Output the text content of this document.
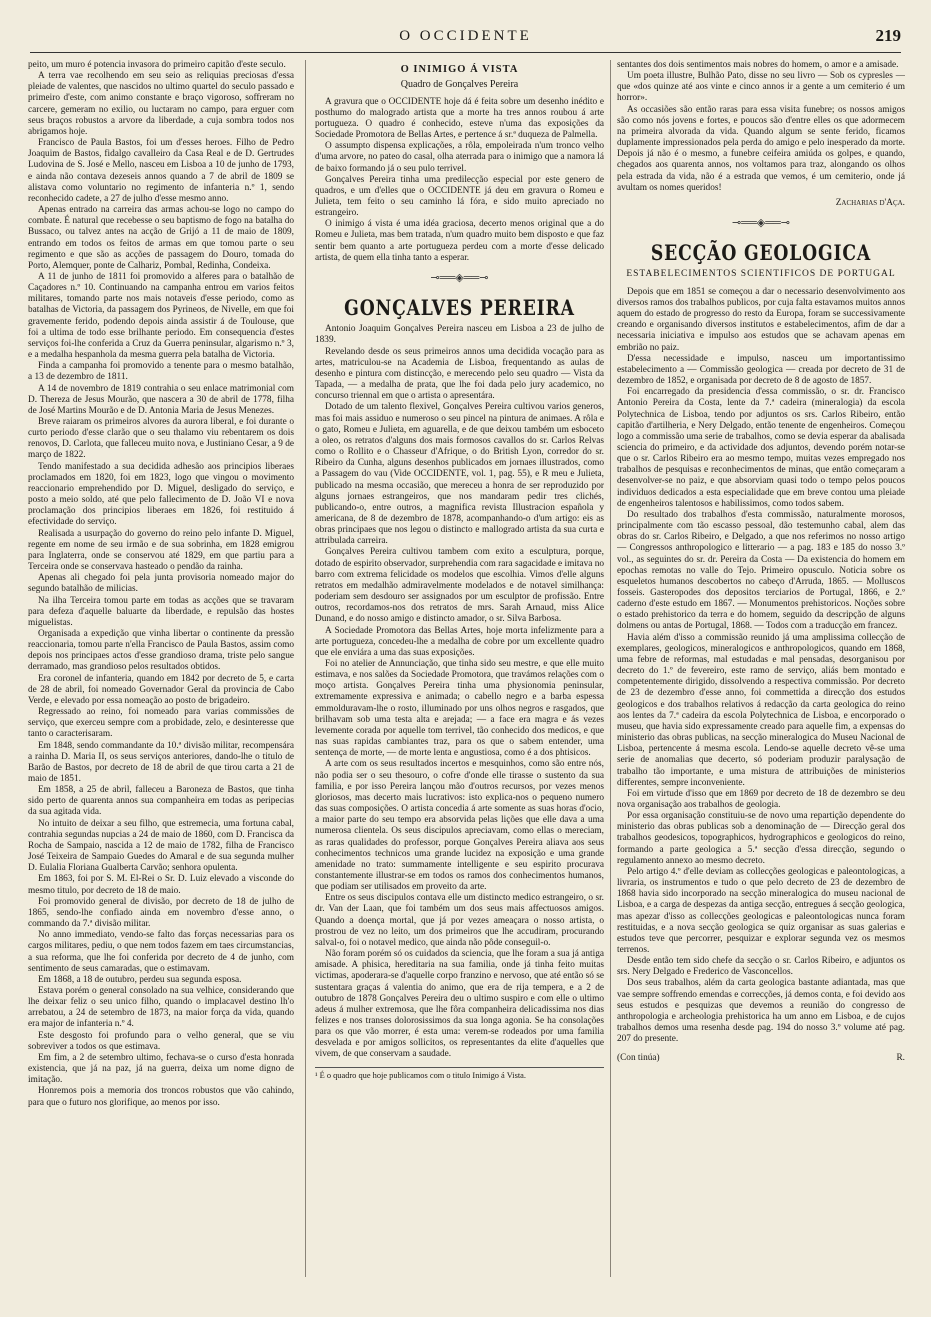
O OCCIDENTE	219

peito, um muro é potencia invasora do primeiro capitão d'este seculo.

A terra vae recolhendo em seu seio as reliquias preciosas d'essa pleiade de valentes, que nascidos no ultimo quartel do seculo passado e primeiro d'este, com animo constante e braço vigoroso, soffreram no carcere, gemeram no exilio, ou luctaram no campo, para erguer com seus braços robustos a arvore da liberdade, a cuja sombra todos nos abrigamos hoje.

Francisco de Paula Bastos, foi um d'esses heroes. Filho de Pedro Joaquim de Bastos, fidalgo cavalleiro da Casa Real e de D. Gertrudes Ludovina de S. José e Mello, nasceu em Lisboa a 10 de junho de 1793, e ainda não contava dezeseis annos quando a 7 de abril de 1809 se alistava como voluntario no regimento de infanteria n.º 1, sendo reconhecido cadete, a 27 de julho d'esse mesmo anno.

Apenas entrado na carreira das armas achou-se logo no campo do combate. É natural que recebesse o seu baptismo de fogo na batalha do Bussaco, ou talvez antes na acção de Grijó a 11 de maio de 1809, entrando em todos os feitos de armas em que tomou parte o seu regimento e que são as acções de passagem do Douro, tomada do Porto, Alemquer, ponte de Calhariz, Pombal, Redinha, Condeixa.

A 11 de junho de 1811 foi promovido a alferes para o batalhão de Caçadores n.º 10. Continuando na campanha entrou em varios feitos militares, tomando parte nos mais notaveis d'esse periodo, como as batalhas de Victoria, da passagem dos Pyrineos, de Nivelle, em que foi gravemente ferido, podendo depois ainda assistir á de Toulouse, que foi a ultima de todo esse brilhante periodo. Em consequencia d'estes serviços foi-lhe conferida a Cruz da Guerra peninsular, algarismo n.º 3, e a medalha hespanhola da mesma guerra pela batalha de Victoria.

Finda a campanha foi promovido a tenente para o mesmo batalhão, a 13 de dezembro de 1811.

A 14 de novembro de 1819 contrahia o seu enlace matrimonial com D. Thereza de Jesus Mourão, que nascera a 30 de abril de 1778, filha de José Martins Mourão e de D. Antonia Maria de Jesus Menezes.

Breve raiaram os primeiros alvores da aurora liberal, e foi durante o curto periodo d'esse clarão que o seu thalamo viu rebentarem os dois renovos, D. Carlota, que falleceu muito nova, e Justiniano Cesar, a 9 de março de 1822.

Tendo manifestado a sua decidida adhesão aos principios liberaes proclamados em 1820, foi em 1823, logo que vingou o movimento reaccionario emprehendido por D. Miguel, desligado do serviço, e posto a meio soldo, até que pelo fallecimento de D. João VI e nova proclamação dos principios liberaes em 1826, foi restituido á efectividade do serviço.

Realisada a usurpação do governo do reino pelo infante D. Miguel, regente em nome de seu irmão e de sua sobrinha, em 1828 emigrou para Inglaterra, onde se conservou até 1829, em que partiu para a Terceira onde se conservava hasteado o pendão da rainha.

Apenas ali chegado foi pela junta provisoria nomeado major do segundo batalhão de milicias.

Na ilha Terceira tomou parte em todas as acções que se travaram para defeza d'aquelle baluarte da liberdade, e repulsão das hostes miguelistas.

Organisada a expedição que vinha libertar o continente da pressão reaccionaria, tomou parte n'ella Francisco de Paula Bastos, assim como depois nos principaes actos d'esse grandioso drama, triste pelo sangue derramado, mas grandioso pelos resultados obtidos.

Era coronel de infanteria, quando em 1842 por decreto de 5, e carta de 28 de abril, foi nomeado Governador Geral da provincia de Cabo Verde, e elevado por essa nomeação ao posto de brigadeiro.

Regressado ao reino, foi nomeado para varias commissões de serviço, que exerceu sempre com a probidade, zelo, e desinteresse que tanto o caracterisaram.

Em 1848, sendo commandante da 10.ª divisão militar, recompensára a rainha D. Maria II, os seus serviços anteriores, dando-lhe o titulo de Barão de Bastos, por decreto de 18 de abril de que tirou carta a 21 de maio de 1851.

Em 1858, a 25 de abril, falleceu a Baroneza de Bastos, que tinha sido perto de quarenta annos sua companheira em todas as peripecias da sua agitada vida.

No intuito de deixar a seu filho, que estremecia, uma fortuna cabal, contrahia segundas nupcias a 24 de maio de 1860, com D. Francisca da Rocha de Sampaio, nascida a 12 de maio de 1782, filha de Francisco José Teixeira de Sampaio Guedes do Amaral e de sua segunda mulher D. Eulalia Floriana Gualberta Carvão; senhora opulenta.

Em 1863, foi por S. M. El-Rei o Sr. D. Luiz elevado a visconde do mesmo titulo, por decreto de 18 de maio.

Foi promovido general de divisão, por decreto de 18 de julho de 1865, sendo-lhe confiado ainda em novembro d'esse anno, o commando da 7.ª divisão militar.

No anno immediato, vendo-se falto das forças necessarias para os cargos militares, pediu, o que nem todos fazem em taes circumstancias, a sua reforma, que lhe foi conferida por decreto de 4 de junho, com sentimento de seus camaradas, que o estimavam.

Em 1868, a 18 de outubro, perdeu sua segunda esposa.

Estava porém o general consolado na sua velhice, considerando que lhe deixar feliz o seu unico filho, quando o implacavel destino lh'o arrebatou, a 24 de setembro de 1873, na maior força da vida, quando era major de infanteria n.º 4.

Este desgosto foi profundo para o velho general, que se viu sobreviver a todos os que estimava.

Em fim, a 2 de setembro ultimo, fechava-se o curso d'esta honrada existencia, que já na paz, já na guerra, deixa um nome digno de imitação.

Honremos pois a memoria dos troncos robustos que vão cahindo, para que o futuro nos glorifique, ao menos por isso.

O INIMIGO Á VISTA

Quadro de Gonçalves Pereira

A gravura que o OCCIDENTE hoje dá é feita sobre um desenho inédito e posthumo do malogrado artista que a morte ha tres annos roubou á arte portugueza. O quadro é conhecido, esteve n'uma das exposições da Sociedade Promotora de Bellas Artes, e pertence á sr.ª duqueza de Palmella.

O assumpto dispensa explicações, a rôla, empoleirada n'um tronco velho d'uma arvore, no pateo do casal, olha aterrada para o inimigo que a namora lá de baixo formando já o seu pulo terrivel.

Gonçalves Pereira tinha uma predilecção especial por este genero de quadros, e um d'elles que o OCCIDENTE já deu em gravura o Romeu e Julieta, tem feito o seu caminho lá fóra, e sido muito apreciado no estrangeiro.

O inimigo á vista é uma idéa graciosa, decerto menos original que a do Romeu e Julieta, mas bem tratada, n'um quadro muito bem disposto e que faz sentir bem quanto a arte portugueza perdeu com a morte d'esse delicado artista, de quem ella tinha tanto a esperar.

⊸══◈══⊸

GONÇALVES PEREIRA

Antonio Joaquim Gonçalves Pereira nasceu em Lisboa a 23 de julho de 1839.

Revelando desde os seus primeiros annos uma decidida vocação para as artes, matriculou-se na Academia de Lisboa, frequentando as aulas de desenho e pintura com distincção, e merecendo pelo seu quadro — Vista da Tapada, — a medalha de prata, que lhe foi dada pelo jury academico, no concurso triennal em que o artista o apresentára.

Dotado de um talento flexivel, Gonçalves Pereira cultivou varios generos, mas foi mais assiduo e numeroso o seu pincel na pintura de animaes. A rôla e o gato, Romeu e Julieta, em aguarella, e de que deixou também um esboceto a oleo, os retratos d'alguns dos mais formosos cavallos do sr. Carlos Relvas como o Rollito e o Chasseur d'Afrique, o do British Lyon, corredor do sr. Ribeiro da Cunha, alguns desenhos publicados em jornaes illustrados, como a Passagem do vau (Vide OCCIDENTE, vol. 1, pag. 55), e R meu e Julieta, publicado na mesma occasião, que mereceu a honra de ser reproduzido por alguns jornaes estrangeiros, que nos mandaram pedir tres clichés, publicando-o, entre outros, a magnifica revista Illustracion española y americana, de 8 de dezembro de 1878, acompanhando-o d'um artigo: eis as obras principaes que nos legou o distincto e mallogrado artista da sua curta e attribulada carreira.

Gonçalves Pereira cultivou tambem com exito a esculptura, porque, dotado de espirito observador, surprehendia com rara sagacidade e imitava no barro com extrema felicidade os modelos que escolhia. Vimos d'elle alguns retratos em medalhão admiravelmente modelados e de notavel similhança: poderiam sem desdouro ser assignados por um esculptor de profissão. Entre outros, recordamos-nos dos retratos de mrs. Sarah Arnaud, miss Alice Dunand, e do nosso amigo e distincto amador, o sr. Silva Barbosa.

A Sociedade Promotora das Bellas Artes, hoje morta infelizmente para a arte portugueza, concedeu-lhe a medalha de cobre por um excellente quadro que ele enviára a uma das suas exposições.

Foi no atelier de Annunciação, que tinha sido seu mestre, e que elle muito estimava, e nos salões da Sociedade Promotora, que travámos relações com o moço artista. Gonçalves Pereira tinha uma physionomia peninsular, extremamente expressiva e animada; o cabello negro e a barba espessa emmolduravam-lhe o rosto, illuminado por uns olhos negros e rasgados, que brilhavam sob uma testa alta e arejada; — a face era magra e ás vezes levemente corada por aquelle tom terrivel, tão conhecido dos medicos, e que nas suas rapidas cambiantes traz, para os que o sabem entender, uma sentença de morte, — de morte lenta e angustiosa, como é a dos phtisicos.

A arte com os seus resultados incertos e mesquinhos, como são entre nós, não podia ser o seu thesouro, o cofre d'onde elle tirasse o sustento da sua familia, e por isso Pereira lançou mão d'outros recursos, por vezes menos gloriosos, mas decerto mais lucrativos: isto explica-nos o pequeno numero das suas composições. O artista concedia á arte somente as suas horas d'ocio, a maior parte do seu tempo era absorvida pelas lições que elle dava a uma numerosa clientela. Os seus discipulos apreciavam, como ellas o mereciam, as raras qualidades do professor, porque Gonçalves Pereira aliava aos seus conhecimentos technicos uma grande lucidez na exposição e uma grande amenidade no trato: summamente intelligente e seu espirito procurava constantemente illustrar-se em todos os ramos dos conhecimentos humanos, que podiam ser utilisados em proveito da arte.

Entre os seus discipulos contava elle um distincto medico estrangeiro, o sr. dr. Van der Laan, que foi também um dos seus mais affectuosos amigos. Quando a doença mortal, que já por vezes ameaçara o nosso artista, o prostrou de vez no leito, um dos primeiros que lhe accudiram, procurando salval-o, foi o notavel medico, que ainda não pôde conseguil-o.

Não foram porém só os cuidados da sciencia, que lhe foram a sua já antiga amisade. A phisica, hereditaria na sua familia, onde já tinha feito muitas victimas, apoderara-se d'aquelle corpo franzino e nervoso, que até então só se sustentara graças á valentia do animo, que era de rija tempera, e a 2 de outubro de 1878 Gonçalves Pereira deu o ultimo suspiro e com elle o ultimo adeus á mulher extremosa, que lhe fôra companheira delicadissima nos dias felizes e nos transes dolorosissimos da sua longa agonia. Se ha consolações para os que vão morrer, é esta uma: verem-se rodeados por uma familia desvelada e por amigos sollicitos, os representantes da elite d'aquelles que vivem, de que conservam a saudade.

¹ É o quadro que hoje publicamos com o titulo Inimigo á Vista.

sentantes dos dois sentimentos mais nobres do homem, o amor e a amisade.

Um poeta illustre, Bulhão Pato, disse no seu livro — Sob os cypresles — que «dos quinze até aos vinte e cinco annos ir a gente a um cemiterio é um horror».

As occasiões são então raras para essa visita funebre; os nossos amigos são como nós jovens e fortes, e poucos são d'entre elles os que adormecem na primeira alvorada da vida. Quando algum se sente ferido, ficamos duplamente impressionados pela perda do amigo e pelo inesperado da morte. Depois já não é o mesmo, a funebre ceifeira amiúda os golpes, e quando, chegados aos quarenta annos, nos voltamos para traz, alongando os olhos pela estrada da vida, não é a estrada que vemos, é um cemiterio, onde já avultam os nomes queridos!

Zacharias d'Aça.

⊸══◈══⊸

SECÇÃO GEOLOGICA

ESTABELECIMENTOS SCIENTIFICOS DE PORTUGAL

Depois que em 1851 se começou a dar o necessario desenvolvimento aos diversos ramos dos trabalhos publicos, por cuja falta estavamos muitos annos aquem do estado de progresso do resto da Europa, foram se successivamente creando e organisando diversos institutos e estabelecimentos, afim de dar a necessaria iniciativa e impulso aos estudos que se achavam apenas em embrião no paiz.

D'essa necessidade e impulso, nasceu um importantissimo estabelecimento a — Commissão geologica — creada por decreto de 31 de dezembro de 1852, e organisada por decreto de 8 de agosto de 1857.

Foi encarregado da presidencia d'essa commissão, o sr. dr. Francisco Antonio Pereira da Costa, lente da 7.ª cadeira (mineralogia) da escola Polytechnica de Lisboa, tendo por adjuntos os srs. Carlos Ribeiro, então capitão d'artilheria, e Nery Delgado, então tenente de engenheiros. Começou logo a commissão uma serie de trabalhos, como se devia esperar da abalisada sciencia do primeiro, e da actividade dos adjuntos, devendo porém notar-se que o sr. Carlos Ribeiro era ao mesmo tempo, muitas vezes empregado nos trabalhos de pesquisas e reconhecimentos de minas, que então começaram a desenvolver-se no paiz, e que absorviam quasi todo o tempo pelos poucos individuos dedicados a esta especialidade que em breve contou uma pleiade de engenheiros talentosos e habilissimos, como todos sabem.

Do resultado dos trabalhos d'esta commissão, naturalmente morosos, principalmente com tão escasso pessoal, dão testemunho cabal, alem das obras do sr. Carlos Ribeiro, e Delgado, a que nos referimos no nosso artigo — Congressos anthropologico e litterario — a pag. 183 e 185 do nosso 3.º vol., as seguintes do sr. dr. Pereira da Costa — Da existencia do homem em epochas remotas no valle do Tejo. Primeiro opusculo. Noticia sobre os esqueletos humanos descobertos no cabeço d'Arruda, 1865. — Molluscos fosseis. Gasteropodes dos depositos terciarios de Portugal, 1866, e 2.º caderno d'este estudo em 1867. — Monumentos prehistoricos. Noções sobre o estado prehistorico da terra e do homem, seguido da descripção de alguns dolmens ou antas de Portugal, 1868. — Todos com a traducção em francez.

Havia além d'isso a commissão reunido já uma amplissima collecção de exemplares, geologicos, mineralogicos e anthropologicos, quando em 1868, uma febre de reformas, mal estudadas e mal pensadas, desorganisou por decreto do 1.º de fevereiro, este ramo de serviço, aliás bem montado e competentemente dirigido, dissolvendo a respectiva commissão. Por decreto de 23 de dezembro d'esse anno, foi commettida a direcção dos estudos geologicos e dos trabalhos relativos á redacção da carta geologica do reino aos lentes da 7.ª cadeira da escola Polytechnica de Lisboa, e encorporado o museu, que havia sido expressamente creado para aquelle fim, a expensas do ministerio das obras publicas, na secção mineralogica do Museu Nacional de Lisboa, pertencente á mesma escola. Lendo-se aquelle decreto vê-se uma serie de anomalias que decerto, só poderiam produzir paralysação de trabalho tão importante, e uma mistura de attribuições de ministerios differentes, sempre inconveniente.

Foi em virtude d'isso que em 1869 por decreto de 18 de dezembro se deu nova organisação aos trabalhos de geologia.

Por essa organisação constituiu-se de novo uma repartição dependente do ministerio das obras publicas sob a denominação de — Direcção geral dos trabalhos geodesicos, topographicos, hydrographicos e geologicos do reino, formando a parte geologica a 5.ª secção d'essa direcção, segundo o regulamento annexo ao mesmo decreto.

Pelo artigo 4.º d'elle deviam as collecções geologicas e paleontologicas, a livraria, os instrumentos e tudo o que pelo decreto de 23 de dezembro de 1868 havia sido incorporado na secção mineralogica do museu nacional de Lisboa, e a carga de despezas da antiga secção, entregues á secção geologica, mas apezar d'isso as collecções geologicas e paleontologicas nunca foram restituidas, e a nova secção geologica se quiz organisar as suas galerias e estudos teve que percorrer, pesquizar e explorar segunda vez os mesmos terrenos.

Desde então tem sido chefe da secção o sr. Carlos Ribeiro, e adjuntos os srs. Nery Delgado e Frederico de Vasconcellos.

Dos seus trabalhos, além da carta geologica bastante adiantada, mas que vae sempre soffrendo emendas e correcções, já demos conta, e foi devido aos seus estudos e pesquizas que devemos a reunião do congresso de anthropologia e archeologia prehistorica ha um anno em Lisboa, e de cujos trabalhos demos uma resenha desde pag. 194 do nosso 3.º volume até pag. 207 do presente.

(Con tinúa)	R.
